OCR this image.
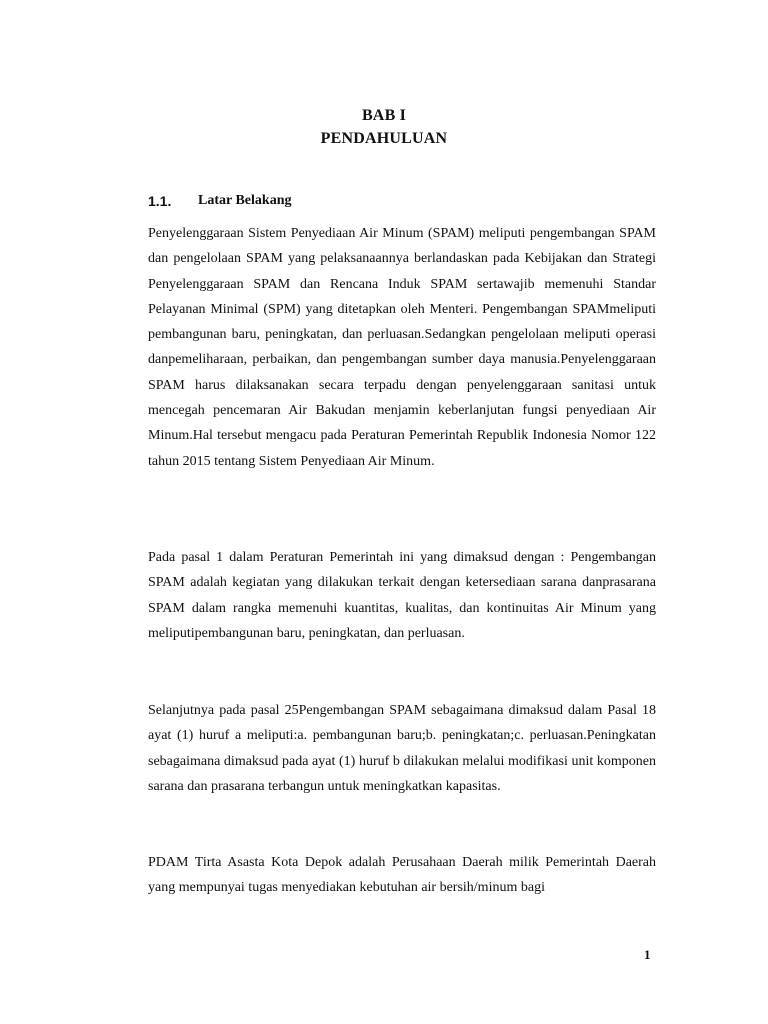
BAB I
PENDAHULUAN
1.1.	Latar Belakang

Penyelenggaraan Sistem Penyediaan Air Minum (SPAM) meliputi pengembangan SPAM dan pengelolaan SPAM yang pelaksanaannya berlandaskan pada Kebijakan dan Strategi Penyelenggaraan SPAM dan Rencana Induk SPAM sertawajib memenuhi Standar Pelayanan Minimal (SPM) yang ditetapkan oleh Menteri. Pengembangan SPAMmeliputi pembangunan baru, peningkatan, dan perluasan.Sedangkan pengelolaan meliputi operasi danpemeliharaan, perbaikan, dan pengembangan sumber daya manusia.Penyelenggaraan SPAM harus dilaksanakan secara terpadu dengan penyelenggaraan sanitasi untuk mencegah pencemaran Air Bakudan menjamin keberlanjutan fungsi penyediaan Air Minum.Hal tersebut mengacu pada Peraturan Pemerintah Republik Indonesia Nomor 122 tahun 2015 tentang Sistem Penyediaan Air Minum.

Pada pasal 1 dalam Peraturan Pemerintah ini yang dimaksud dengan : Pengembangan SPAM adalah kegiatan yang dilakukan terkait dengan ketersediaan sarana danprasarana SPAM dalam rangka memenuhi kuantitas, kualitas, dan kontinuitas Air Minum yang meliputipembangunan baru, peningkatan, dan perluasan.

Selanjutnya pada pasal 25Pengembangan SPAM sebagaimana dimaksud dalam Pasal 18 ayat (1) huruf a meliputi:a. pembangunan baru;b. peningkatan;c. perluasan.Peningkatan sebagaimana dimaksud pada ayat (1) huruf b dilakukan melalui modifikasi unit komponen sarana dan prasarana terbangun untuk meningkatkan kapasitas.

PDAM Tirta Asasta Kota Depok adalah Perusahaan Daerah milik Pemerintah Daerah yang mempunyai tugas menyediakan kebutuhan air bersih/minum bagi

1
